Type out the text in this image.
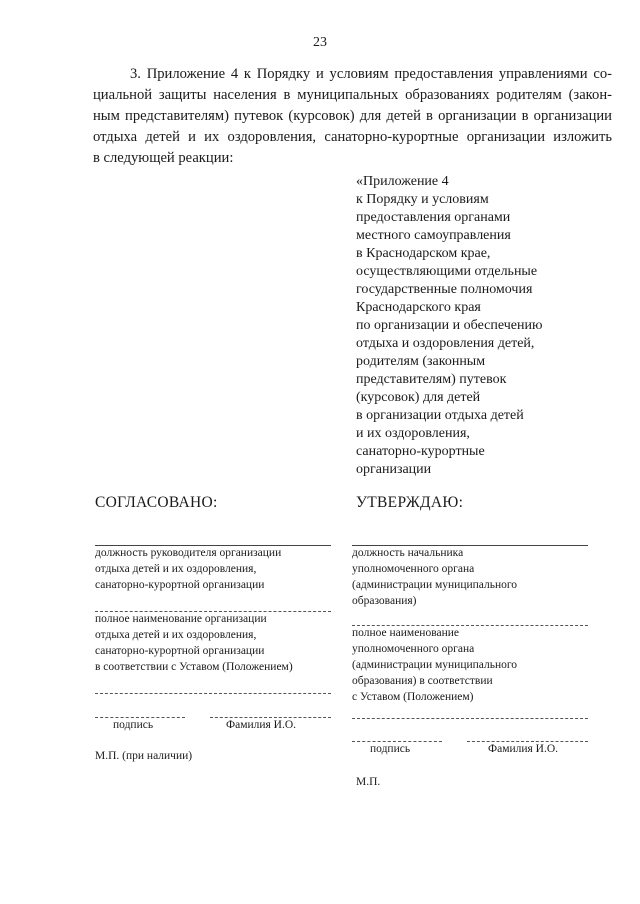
23
3. Приложение 4 к Порядку и условиям предоставления управлениями со-
циальной защиты населения в муниципальных образованиях родителям (закон-
ным представителям) путевок (курсовок) для детей в организации в организации
отдыха детей и их оздоровления, санаторно-курортные организации изложить
в следующей реакции:
«Приложение 4
к Порядку и условиям
предоставления органами
местного самоуправления
в Краснодарском крае,
осуществляющими отдельные
государственные полномочия
Краснодарского края
по организации и обеспечению
отдыха и оздоровления детей,
родителям (законным
представителям) путевок
(курсовок) для детей
в организации отдыха детей
и их оздоровления,
санаторно-курортные
организации
СОГЛАСОВАНО:
должность руководителя организации
отдыха детей и их оздоровления,
санаторно-курортной организации
полное наименование организации
отдыха детей и их оздоровления,
санаторно-курортной организации
в соответствии с Уставом (Положением)
подпись	Фамилия И.О.
М.П. (при наличии)
УТВЕРЖДАЮ:
должность начальника
уполномоченного органа
(администрации муниципального
образования)
полное наименование
уполномоченного органа
(администрации муниципального
образования) в соответствии
с Уставом (Положением)
подпись	Фамилия И.О.
М.П.
